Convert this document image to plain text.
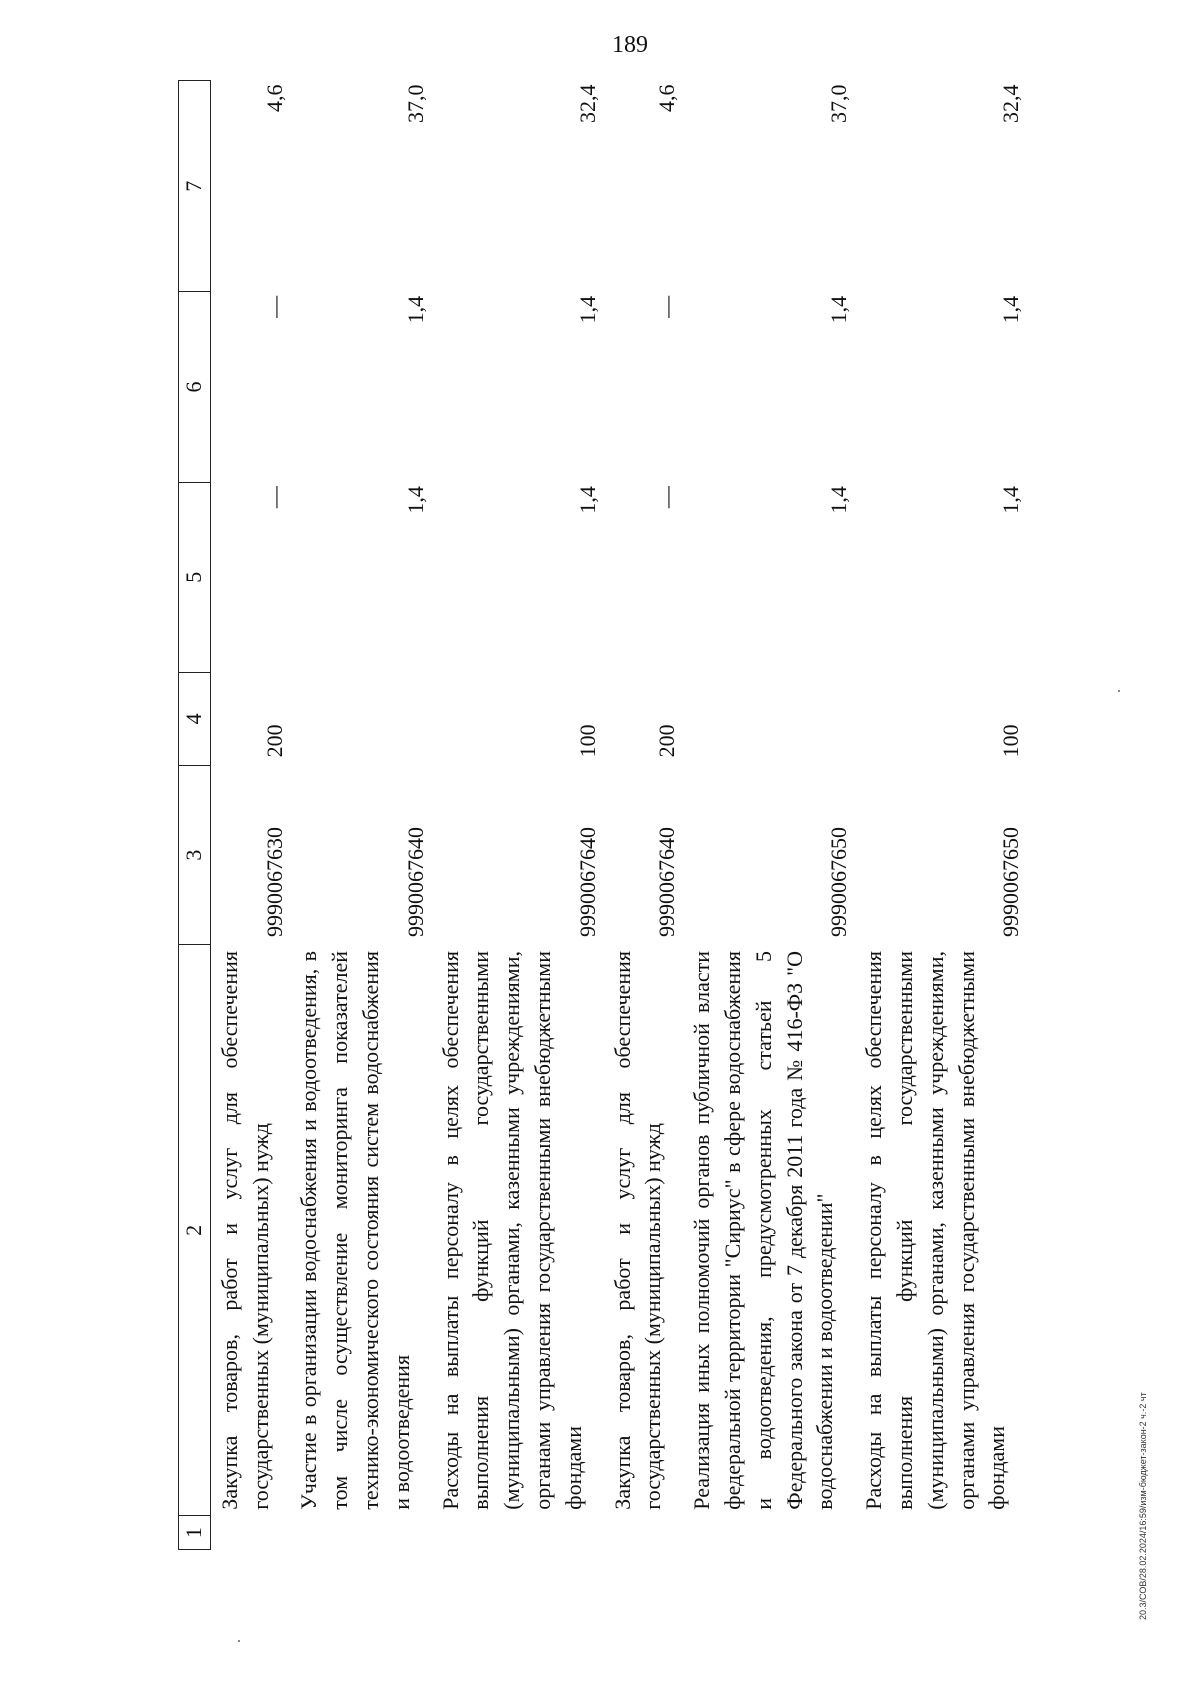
189
1	2	3	4	5	6	7
	Закупка товаров, работ и услуг для обеспечения государственных (муниципальных) нужд	9990067630	200	—	—	4,6
	Участие в организации водоснабжения и водоотведения, в том числе осуществление мониторинга показателей технико-экономического состояния систем водоснабжения и водоотведения	9990067640		1,4	1,4	37,0
	Расходы на выплаты персоналу в целях обеспечения выполнения функций государственными (муниципальными) органами, казенными учреждениями, органами управления государственными внебюджетными фондами	9990067640	100	1,4	1,4	32,4
	Закупка товаров, работ и услуг для обеспечения государственных (муниципальных) нужд	9990067640	200	—	—	4,6
	Реализация иных полномочий органов публичной власти федеральной территории "Сириус" в сфере водоснабжения и водоотведения, предусмотренных статьей 5 Федерального закона от 7 декабря 2011 года № 416-ФЗ "О водоснабжении и водоотведении"	9990067650		1,4	1,4	37,0
	Расходы на выплаты персоналу в целях обеспечения выполнения функций государственными (муниципальными) органами, казенными учреждениями, органами управления государственными внебюджетными фондами	9990067650	100	1,4	1,4	32,4
20.3/СОВ/28.02.2024/16:59/изм-бюджет-закон-2 ч.-2 чт
